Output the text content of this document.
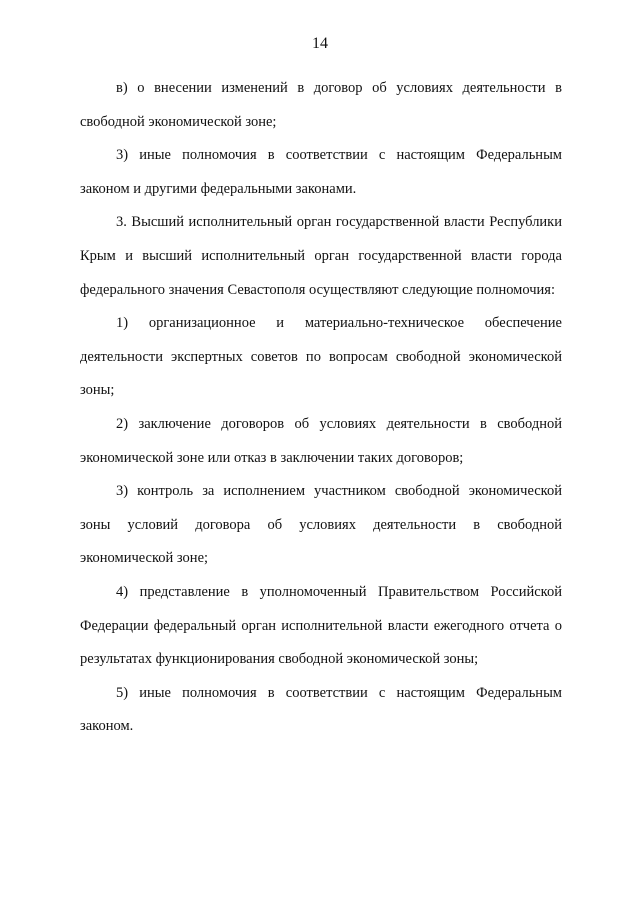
14

в) о внесении изменений в договор об условиях деятельности в свободной экономической зоне;

3) иные полномочия в соответствии с настоящим Федеральным законом и другими федеральными законами.

3. Высший исполнительный орган государственной власти Республики Крым и высший исполнительный орган государственной власти города федерального значения Севастополя осуществляют следующие полномочия:

1) организационное и материально-техническое обеспечение деятельности экспертных советов по вопросам свободной экономической зоны;

2) заключение договоров об условиях деятельности в свободной экономической зоне или отказ в заключении таких договоров;

3) контроль за исполнением участником свободной экономической зоны условий договора об условиях деятельности в свободной экономической зоне;

4) представление в уполномоченный Правительством Российской Федерации федеральный орган исполнительной власти ежегодного отчета о результатах функционирования свободной экономической зоны;

5) иные полномочия в соответствии с настоящим Федеральным законом.
